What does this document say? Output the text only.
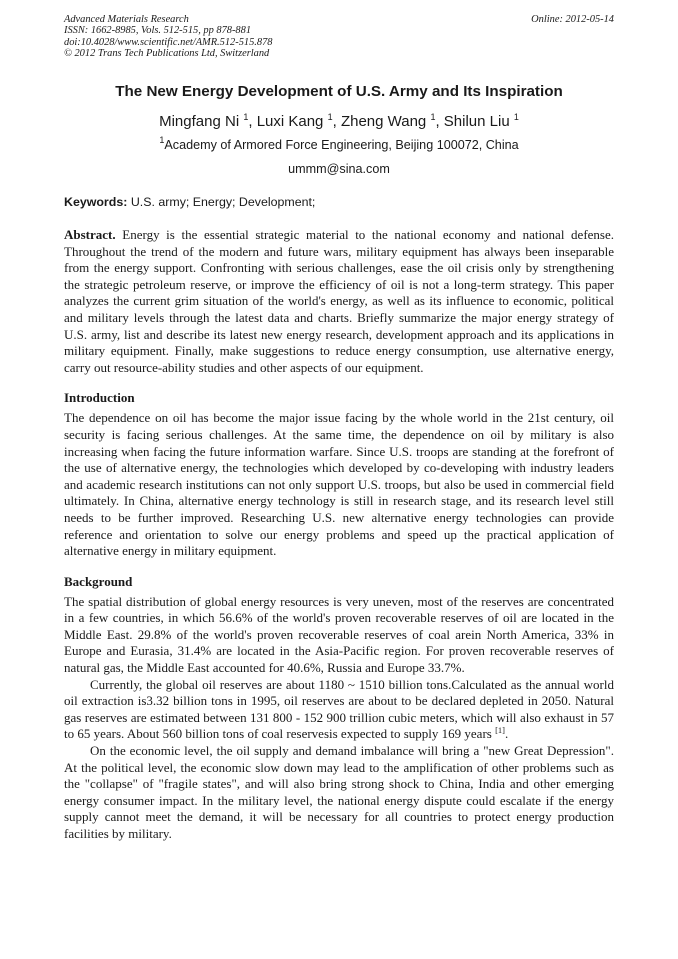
Advanced Materials Research
ISSN: 1662-8985, Vols. 512-515, pp 878-881
doi:10.4028/www.scientific.net/AMR.512-515.878
© 2012 Trans Tech Publications Ltd, Switzerland
Online: 2012-05-14
The New Energy Development of U.S. Army and Its Inspiration
Mingfang Ni $^1$, Luxi Kang $^1$, Zheng Wang $^1$, Shilun Liu $^1$
$^1$Academy of Armored Force Engineering, Beijing 100072, China
ummm@sina.com
Keywords: U.S. army; Energy; Development;
Abstract. Energy is the essential strategic material to the national economy and national defense. Throughout the trend of the modern and future wars, military equipment has always been inseparable from the energy support. Confronting with serious challenges, ease the oil crisis only by strengthening the strategic petroleum reserve, or improve the efficiency of oil is not a long-term strategy. This paper analyzes the current grim situation of the world's energy, as well as its influence to economic, political and military levels through the latest data and charts. Briefly summarize the major energy strategy of U.S. army, list and describe its latest new energy research, development approach and its applications in military equipment. Finally, make suggestions to reduce energy consumption, use alternative energy, carry out resource-ability studies and other aspects of our equipment.
Introduction

The dependence on oil has become the major issue facing by the whole world in the 21st century, oil security is facing serious challenges. At the same time, the dependence on oil by military is also increasing when facing the future information warfare. Since U.S. troops are standing at the forefront of the use of alternative energy, the technologies which developed by co-developing with industry leaders and academic research institutions can not only support U.S. troops, but also be used in commercial field ultimately. In China, alternative energy technology is still in research stage, and its research level still needs to be further improved. Researching U.S. new alternative energy technologies can provide reference and orientation to solve our energy problems and speed up the practical application of alternative energy in military equipment.

Background

The spatial distribution of global energy resources is very uneven, most of the reserves are concentrated in a few countries, in which 56.6% of the world's proven recoverable reserves of oil are located in the Middle East. 29.8% of the world's proven recoverable reserves of coal arein North America, 33% in Europe and Eurasia, 31.4% are located in the Asia-Pacific region. For proven recoverable reserves of natural gas, the Middle East accounted for 40.6%, Russia and Europe 33.7%.

Currently, the global oil reserves are about 1180 ~ 1510 billion tons.Calculated as the annual world oil extraction is3.32 billion tons in 1995, oil reserves are about to be declared depleted in 2050. Natural gas reserves are estimated between 131 800 - 152 900 trillion cubic meters, which will also exhaust in 57 to 65 years. About 560 billion tons of coal reservesis expected to supply 169 years [1].

On the economic level, the oil supply and demand imbalance will bring a "new Great Depression". At the political level, the economic slow down may lead to the amplification of other problems such as the "collapse" of "fragile states", and will also bring strong shock to China, India and other emerging energy consumer impact. In the military level, the national energy dispute could escalate if the energy supply cannot meet the demand, it will be necessary for all countries to protect energy production facilities by military.
